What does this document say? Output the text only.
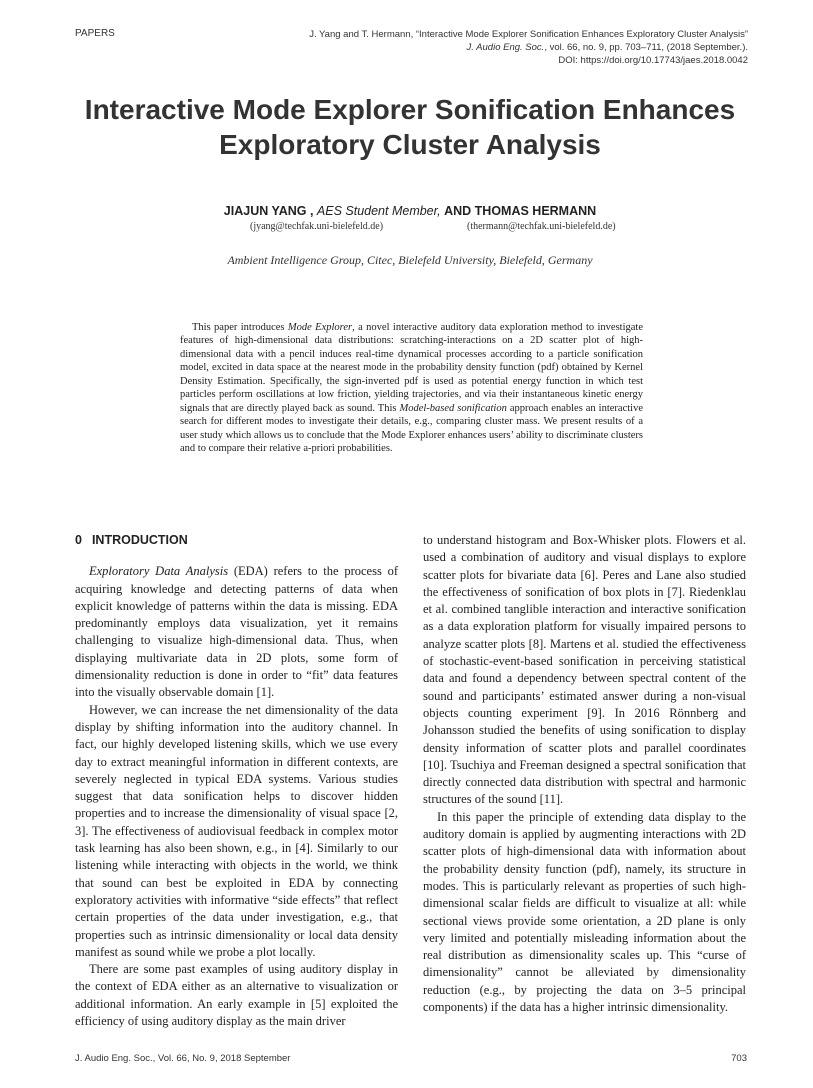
PAPERS	J. Yang and T. Hermann, “Interactive Mode Explorer Sonification Enhances Exploratory Cluster Analysis”
J. Audio Eng. Soc., vol. 66, no. 9, pp. 703–711, (2018 September.).
DOI: https://doi.org/10.17743/jaes.2018.0042
Interactive Mode Explorer Sonification Enhances
Exploratory Cluster Analysis
JIAJUN YANG , AES Student Member, AND THOMAS HERMANN
(jyang@techfak.uni-bielefeld.de)	(thermann@techfak.uni-bielefeld.de)
Ambient Intelligence Group, Citec, Bielefeld University, Bielefeld, Germany

This paper introduces Mode Explorer, a novel interactive auditory data exploration method to investigate features of high-dimensional data distributions: scratching-interactions on a 2D scatter plot of high-dimensional data with a pencil induces real-time dynamical processes according to a particle sonification model, excited in data space at the nearest mode in the probability density function (pdf) obtained by Kernel Density Estimation. Specifically, the sign-inverted pdf is used as potential energy function in which test particles perform oscillations at low friction, yielding trajectories, and via their instantaneous kinetic energy signals that are directly played back as sound. This Model-based sonification approach enables an interactive search for different modes to investigate their details, e.g., comparing cluster mass. We present results of a user study which allows us to conclude that the Mode Explorer enhances users’ ability to discriminate clusters and to compare their relative a-priori probabilities.

0 INTRODUCTION

Exploratory Data Analysis (EDA) refers to the process of acquiring knowledge and detecting patterns of data when explicit knowledge of patterns within the data is missing. EDA predominantly employs data visualization, yet it remains challenging to visualize high-dimensional data. Thus, when displaying multivariate data in 2D plots, some form of dimensionality reduction is done in order to “fit” data features into the visually observable domain [1].

However, we can increase the net dimensionality of the data display by shifting information into the auditory channel. In fact, our highly developed listening skills, which we use every day to extract meaningful information in different contexts, are severely neglected in typical EDA systems. Various studies suggest that data sonification helps to discover hidden properties and to increase the dimensionality of visual space [2, 3]. The effectiveness of audiovisual feedback in complex motor task learning has also been shown, e.g., in [4]. Similarly to our listening while interacting with objects in the world, we think that sound can best be exploited in EDA by connecting exploratory activities with informative “side effects” that reflect certain properties of the data under investigation, e.g., that properties such as intrinsic dimensionality or local data density manifest as sound while we probe a plot locally.

There are some past examples of using auditory display in the context of EDA either as an alternative to visualization or additional information. An early example in [5] exploited the efficiency of using auditory display as the main driver

to understand histogram and Box-Whisker plots. Flowers et al. used a combination of auditory and visual displays to explore scatter plots for bivariate data [6]. Peres and Lane also studied the effectiveness of sonification of box plots in [7]. Riedenklau et al. combined tanglible interaction and interactive sonification as a data exploration platform for visually impaired persons to analyze scatter plots [8]. Martens et al. studied the effectiveness of stochastic-event-based sonification in perceiving statistical data and found a dependency between spectral content of the sound and participants’ estimated answer during a non-visual objects counting experiment [9]. In 2016 Rönnberg and Johansson studied the benefits of using sonification to display density information of scatter plots and parallel coordinates [10]. Tsuchiya and Freeman designed a spectral sonification that directly connected data distribution with spectral and harmonic structures of the sound [11].

In this paper the principle of extending data display to the auditory domain is applied by augmenting interactions with 2D scatter plots of high-dimensional data with information about the probability density function (pdf), namely, its structure in modes. This is particularly relevant as properties of such high-dimensional scalar fields are difficult to visualize at all: while sectional views provide some orientation, a 2D plane is only very limited and potentially misleading information about the real distribution as dimensionality scales up. This “curse of dimensionality” cannot be alleviated by dimensionality reduction (e.g., by projecting the data on 3–5 principal components) if the data has a higher intrinsic dimensionality.

J. Audio Eng. Soc., Vol. 66, No. 9, 2018 September	703
